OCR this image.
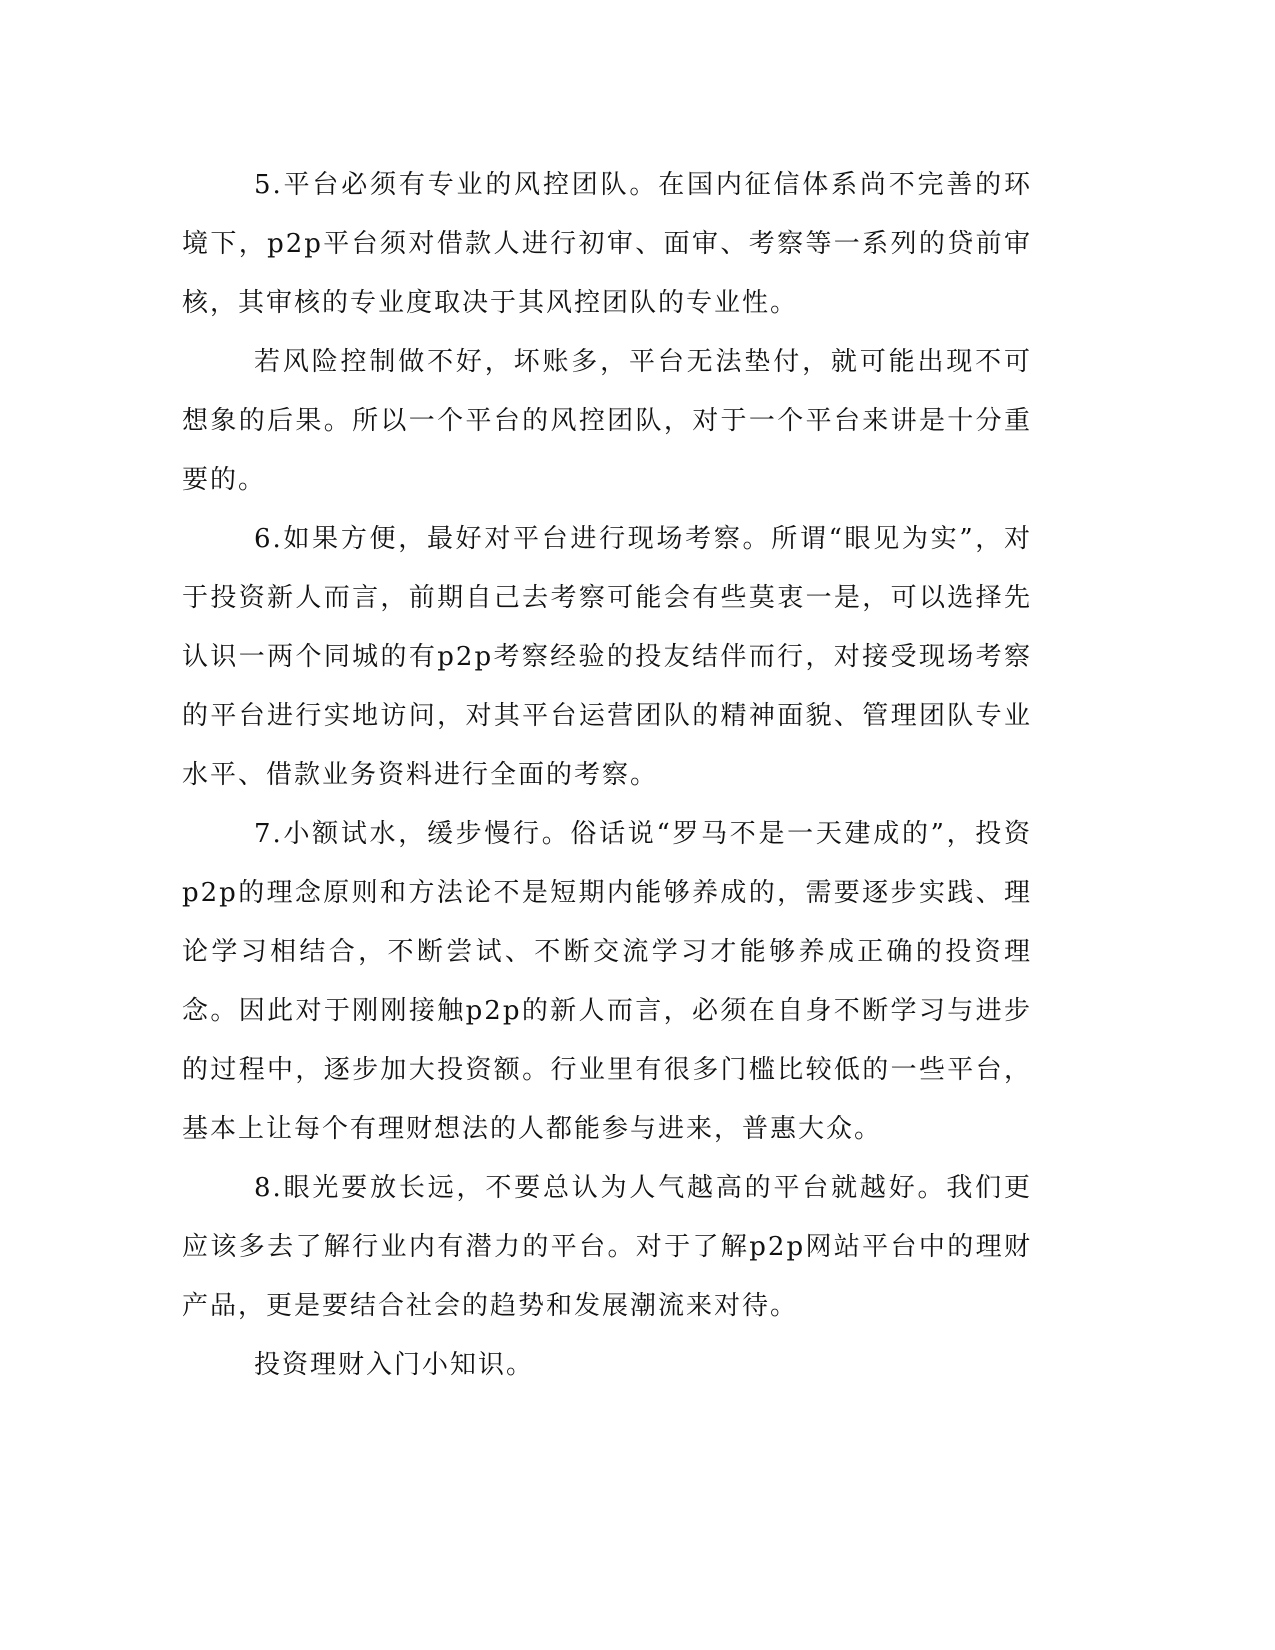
5.平台必须有专业的风控团队。在国内征信体系尚不完善的环境下，p2p平台须对借款人进行初审、面审、考察等一系列的贷前审核，其审核的专业度取决于其风控团队的专业性。

若风险控制做不好，坏账多，平台无法垫付，就可能出现不可想象的后果。所以一个平台的风控团队，对于一个平台来讲是十分重要的。

6.如果方便，最好对平台进行现场考察。所谓“眼见为实”，对于投资新人而言，前期自己去考察可能会有些莫衷一是，可以选择先认识一两个同城的有p2p考察经验的投友结伴而行，对接受现场考察的平台进行实地访问，对其平台运营团队的精神面貌、管理团队专业水平、借款业务资料进行全面的考察。

7.小额试水，缓步慢行。俗话说“罗马不是一天建成的”，投资p2p的理念原则和方法论不是短期内能够养成的，需要逐步实践、理论学习相结合，不断尝试、不断交流学习才能够养成正确的投资理念。因此对于刚刚接触p2p的新人而言，必须在自身不断学习与进步的过程中，逐步加大投资额。行业里有很多门槛比较低的一些平台，基本上让每个有理财想法的人都能参与进来，普惠大众。

8.眼光要放长远，不要总认为人气越高的平台就越好。我们更应该多去了解行业内有潜力的平台。对于了解p2p网站平台中的理财产品，更是要结合社会的趋势和发展潮流来对待。

投资理财入门小知识。
